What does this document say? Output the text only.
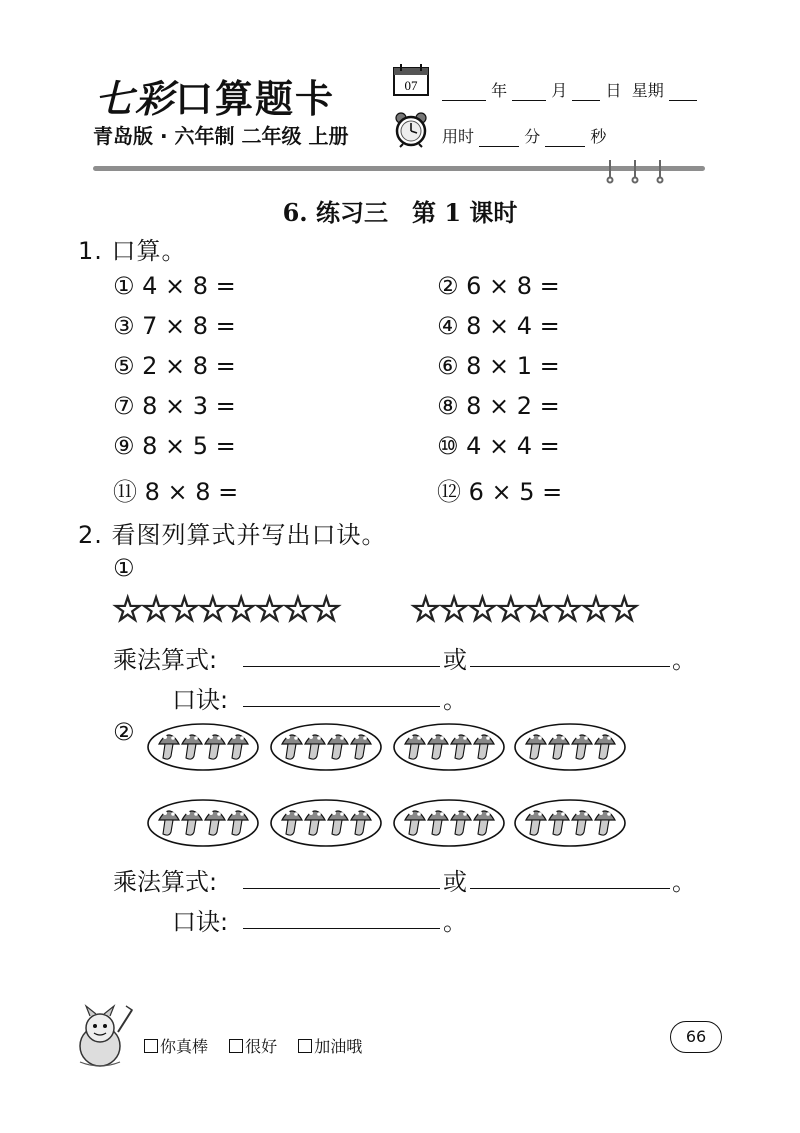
七彩口算题卡
青岛版 · 六年制 二年级 上册
07	年	月 日 星期
用时	分	秒
6. 练习三　第 1 课时
1. 口算。
① 4 × 8 =	② 6 × 8 =
③ 7 × 8 =	④ 8 × 4 =
⑤ 2 × 8 =	⑥ 8 × 1 =
⑦ 8 × 3 =	⑧ 8 × 2 =
⑨ 8 × 5 =	⑩ 4 × 4 =
⑪ 8 × 8 =	⑫ 6 × 5 =
2. 看图列算式并写出口诀。
①
☆☆☆☆☆☆☆☆ ☆☆☆☆☆☆☆☆
乘法算式:	或	。
口诀:	。
②
乘法算式:	或	。
口诀:	。
你真棒 很好 加油哦
66
